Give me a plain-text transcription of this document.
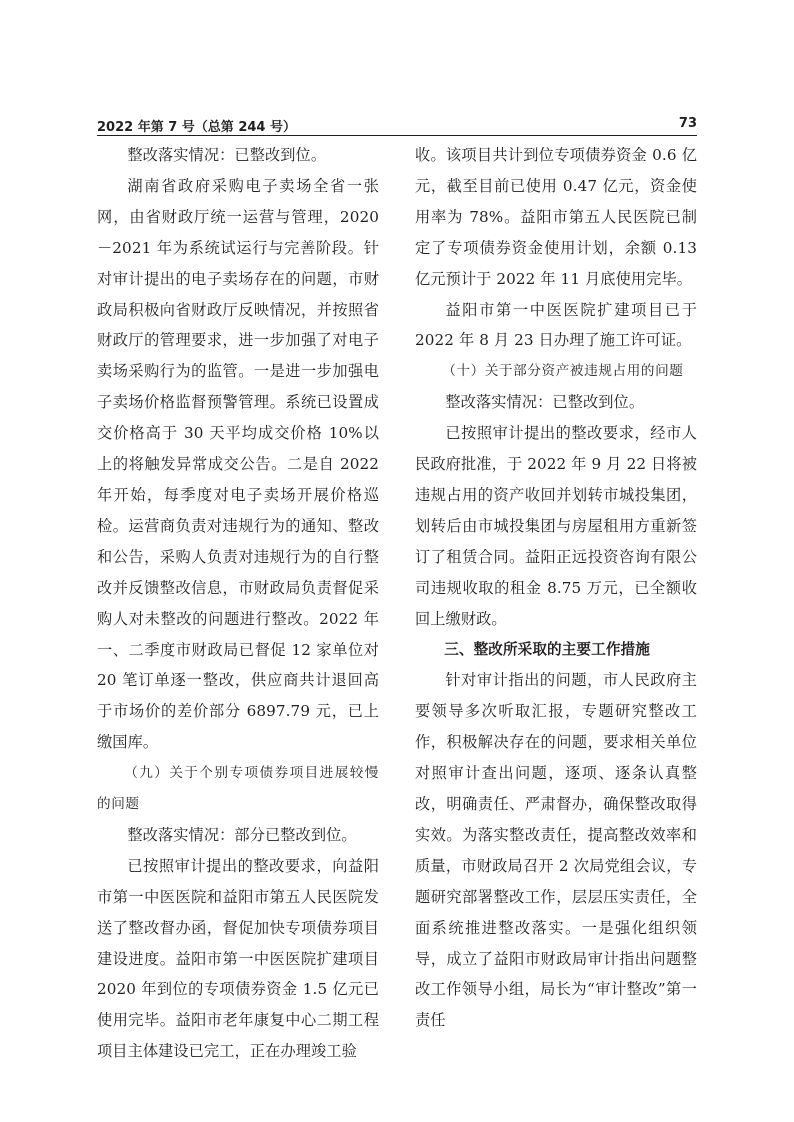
2022 年第 7 号（总第 244 号）	73

整改落实情况：已整改到位。

湖南省政府采购电子卖场全省一张网，由省财政厅统一运营与管理，2020－2021 年为系统试运行与完善阶段。针对审计提出的电子卖场存在的问题，市财政局积极向省财政厅反映情况，并按照省财政厅的管理要求，进一步加强了对电子卖场采购行为的监管。一是进一步加强电子卖场价格监督预警管理。系统已设置成交价格高于 30 天平均成交价格 10%以上的将触发异常成交公告。二是自 2022 年开始，每季度对电子卖场开展价格巡检。运营商负责对违规行为的通知、整改和公告，采购人负责对违规行为的自行整改并反馈整改信息，市财政局负责督促采购人对未整改的问题进行整改。2022 年一、二季度市财政局已督促 12 家单位对 20 笔订单逐一整改，供应商共计退回高于市场价的差价部分 6897.79 元，已上缴国库。

（九）关于个别专项债券项目进展较慢的问题

整改落实情况：部分已整改到位。

已按照审计提出的整改要求，向益阳市第一中医医院和益阳市第五人民医院发送了整改督办函，督促加快专项债券项目建设进度。益阳市第一中医医院扩建项目 2020 年到位的专项债券资金 1.5 亿元已使用完毕。益阳市老年康复中心二期工程项目主体建设已完工，正在办理竣工验

收。该项目共计到位专项债券资金 0.6 亿元，截至目前已使用 0.47 亿元，资金使用率为 78%。益阳市第五人民医院已制定了专项债券资金使用计划，余额 0.13 亿元预计于 2022 年 11 月底使用完毕。

益阳市第一中医医院扩建项目已于 2022 年 8 月 23 日办理了施工许可证。

（十）关于部分资产被违规占用的问题

整改落实情况：已整改到位。

已按照审计提出的整改要求，经市人民政府批准，于 2022 年 9 月 22 日将被违规占用的资产收回并划转市城投集团，划转后由市城投集团与房屋租用方重新签订了租赁合同。益阳正远投资咨询有限公司违规收取的租金 8.75 万元，已全额收回上缴财政。

三、整改所采取的主要工作措施

针对审计指出的问题，市人民政府主要领导多次听取汇报，专题研究整改工作，积极解决存在的问题，要求相关单位对照审计查出问题，逐项、逐条认真整改，明确责任、严肃督办，确保整改取得实效。为落实整改责任，提高整改效率和质量，市财政局召开 2 次局党组会议，专题研究部署整改工作，层层压实责任，全面系统推进整改落实。一是强化组织领导，成立了益阳市财政局审计指出问题整改工作领导小组，局长为“审计整改”第一责任
